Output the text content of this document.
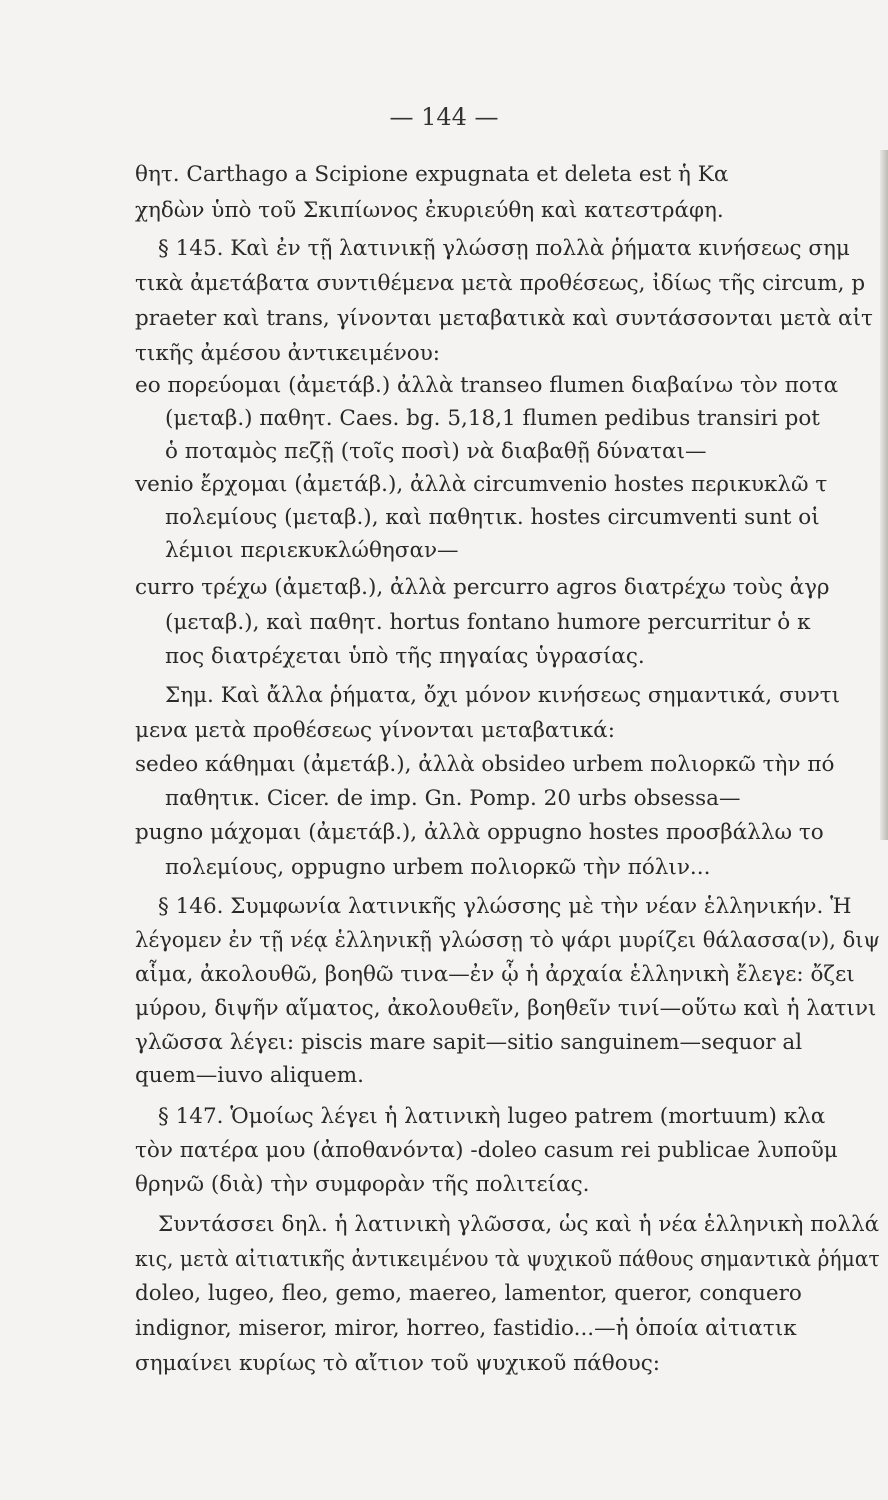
— 144 —
θητ. Carthago a Scipione expugnata et deleta est ἡ Κα
χηδὼν ὑπὸ τοῦ Σκιπίωνος ἐκυριεύθη καὶ κατεστράφη.
§ 145. Καὶ ἐν τῇ λατινικῇ γλώσσῃ πολλὰ ῥήματα κινήσεως σημ
τικὰ ἀμετάβατα συντιθέμενα μετὰ προθέσεως, ἰδίως τῆς circum, p
praeter καὶ trans, γίνονται μεταβατικὰ καὶ συντάσσονται μετὰ αἰτ
τικῆς ἀμέσου ἀντικειμένου:
eo πορεύομαι (ἀμετάβ.) ἀλλὰ transeo flumen διαβαίνω τὸν ποτα
(μεταβ.) παθητ. Caes. bg. 5,18,1 flumen pedibus transiri pot
ὁ ποταμὸς πεζῇ (τοῖς ποσὶ) νὰ διαβαθῇ δύναται—
venio ἔρχομαι (ἀμετάβ.), ἀλλὰ circumvenio hostes περικυκλῶ τ
πολεμίους (μεταβ.), καὶ παθητικ. hostes circumventi sunt οἱ
λέμιοι περιεκυκλώθησαν—
curro τρέχω (ἀμεταβ.), ἀλλὰ percurro agros διατρέχω τοὺς ἀγρ
(μεταβ.), καὶ παθητ. hortus fontano humore percurritur ὁ κ
πος διατρέχεται ὑπὸ τῆς πηγαίας ὑγρασίας.
Σημ. Καὶ ἄλλα ῥήματα, ὄχι μόνον κινήσεως σημαντικά, συντι
μενα μετὰ προθέσεως γίνονται μεταβατικά:
sedeo κάθημαι (ἀμετάβ.), ἀλλὰ obsideo urbem πολιορκῶ τὴν πό
παθητικ. Cicer. de imp. Gn. Pomp. 20 urbs obsessa—
pugno μάχομαι (ἀμετάβ.), ἀλλὰ oppugno hostes προσβάλλω το
πολεμίους, oppugno urbem πολιορκῶ τὴν πόλιν...
§ 146. Συμφωνία λατινικῆς γλώσσης μὲ τὴν νέαν ἑλληνικήν. Ἡ
λέγομεν ἐν τῇ νέᾳ ἑλληνικῇ γλώσσῃ τὸ ψάρι μυρίζει θάλασσα(ν), διψ
αἷμα, ἀκολουθῶ, βοηθῶ τινα—ἐν ᾧ ἡ ἀρχαία ἑλληνικὴ ἔλεγε: ὄζει
μύρου, διψῆν αἵματος, ἀκολουθεῖν, βοηθεῖν τινί—οὕτω καὶ ἡ λατινι
γλῶσσα λέγει: piscis mare sapit—sitio sanguinem—sequor al
quem—iuvo aliquem.
§ 147. Ὁμοίως λέγει ἡ λατινικὴ lugeo patrem (mortuum) κλα
τὸν πατέρα μου (ἀποθανόντα) -doleo casum rei publicae λυποῦμ
θρηνῶ (διὰ) τὴν συμφορὰν τῆς πολιτείας.
Συντάσσει δηλ. ἡ λατινικὴ γλῶσσα, ὡς καὶ ἡ νέα ἑλληνικὴ πολλά
κις, μετὰ αἰτιατικῆς ἀντικειμένου τὰ ψυχικοῦ πάθους σημαντικὰ ῥήματ
doleo, lugeo, fleo, gemo, maereo, lamentor, queror, conquero
indignor, miseror, miror, horreo, fastidio...—ἡ ὁποία αἰτιατικ
σημαίνει κυρίως τὸ αἴτιον τοῦ ψυχικοῦ πάθους:
